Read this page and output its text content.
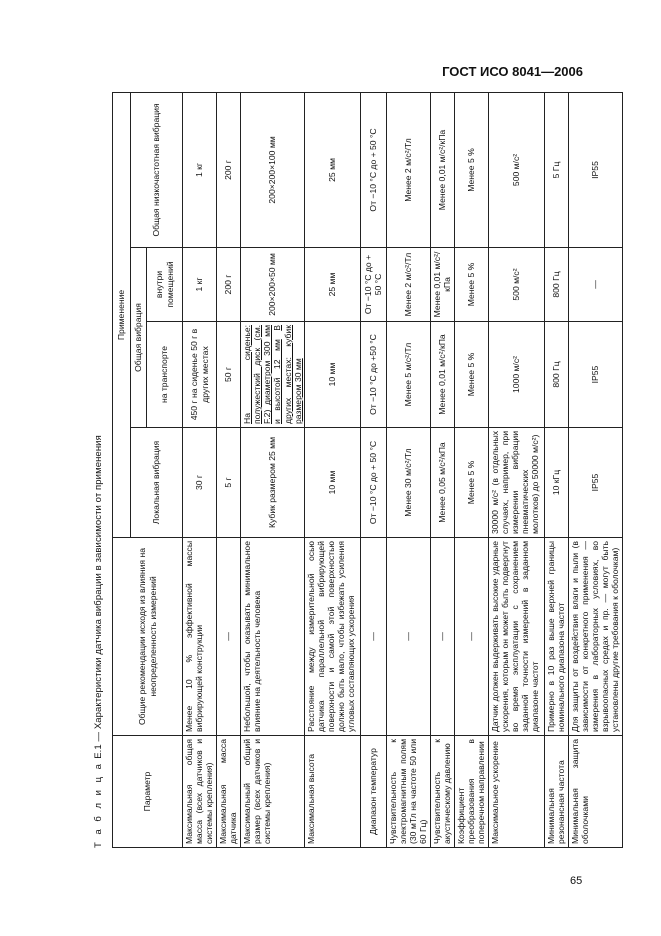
ГОСТ ИСО 8041—2006
Т а б л и ц а Е.1 — Характеристики датчика вибрации в зависимости от применения
Параметр	Общие рекомендации исходя из влияния на неопределенность измерений	Применение			
		Локальная вибрация	Общая вибрация		Общая низкочастотная вибрация
			на транспорте	внутри помещений	
Максимальная общая масса (всех датчиков и системы крепления)	Менее 10 % эффективной массы вибрирующей конструкции	30 г	450 г на сиденье 50 г в других местах	1 кг	1 кг
Максимальная масса датчика	—	5 г	50 г	200 г	200 г
Максимальный общий размер (всех датчиков и системы крепления)	Небольшой, чтобы оказывать минимальное влияние на деятельность человека	Кубик размером 25 мм	На сиденье: полужесткий диск (см. F.2) диаметром 300 мм и высотой 12 мм В других местах: кубик размером 30 мм	200×200×50 мм	200×200×100 мм
Максимальная высота	Расстояние между измерительной осью датчика параллельной вибрирующей поверхности и самой этой поверхностью должно быть мало, чтобы избежать усиления угловых составляющих ускорения	10 мм	10 мм	25 мм	25 мм
Диапазон температур	—	От −10 °С до + 50 °С	От −10 °С до +50 °С	От −10 °С до + 50 °С	От −10 °С до + 50 °С
Чувствительность к электромагнитным полям (30 мТл на частоте 50 или 60 Гц)	—	Менее 30 м/с²/Тл	Менее 5 м/с²/Тл	Менее 2 м/с²/Тл	Менее 2 м/с²/Тл
Чувствительность к акустическому давлению	—	Менее 0,05 м/с²/кПа	Менее 0,01 м/с²/кПа	Менее 0,01 м/с²/кПа	Менее 0,01 м/с²/кПа
Коэффициент преобразования в поперечном направлении	—	Менее 5 %	Менее 5 %	Менее 5 %	Менее 5 %
Максимальное ускорение	Датчик должен выдерживать высокие ударные ускорения, которым он может быть подвергнут во время эксплуатации с сохранением заданной точности измерений в заданном диапазоне частот	30000 м/с² (в отдельных случаях, например, при измерении вибрации пневматических молотков) до 50000 м/с²)	1000 м/с²	500 м/с²	500 м/с²
Минимальная резонансная частота	Примерно в 10 раз выше верхней границы номинального диапазона частот	10 кГц	800 Гц	800 Гц	5 Гц
Минимальная защита оболочками	Для защиты от воздействия влаги и пыли (в зависимости от конкретного применения — измерения в лабораторных условиях, во взрывоопасных средах и пр. — могут быть установлены другие требования к оболочкам)	IP55	IP55	—	IP55
65
